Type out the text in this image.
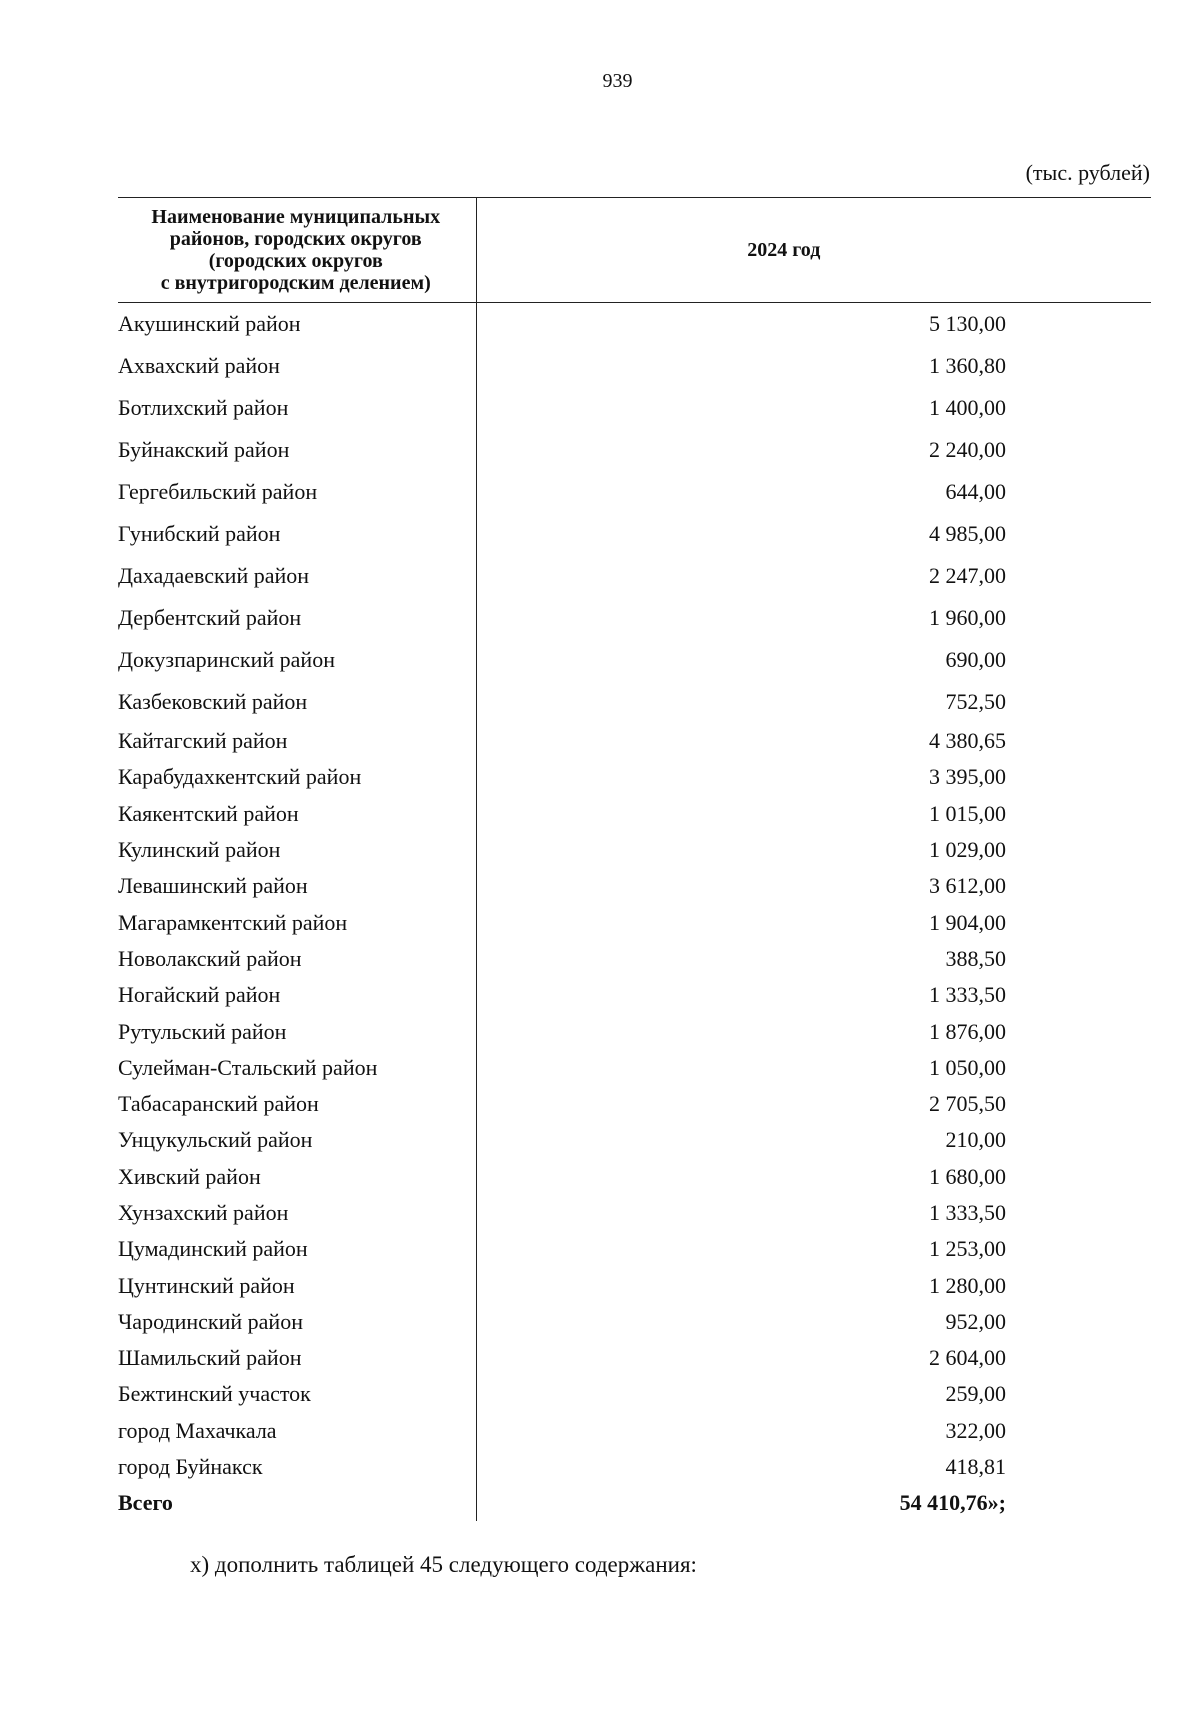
939
(тыс. рублей)
Наименование муниципальных
районов, городских округов
(городских округов
с внутригородским делением)	2024 год
Акушинский район	5 130,00
Ахвахский район	1 360,80
Ботлихский район	1 400,00
Буйнакский район	2 240,00
Гергебильский район	644,00
Гунибский район	4 985,00
Дахадаевский район	2 247,00
Дербентский район	1 960,00
Докузпаринский район	690,00
Казбековский район	752,50
Кайтагский район	4 380,65
Карабудахкентский район	3 395,00
Каякентский район	1 015,00
Кулинский район	1 029,00
Левашинский район	3 612,00
Магарамкентский район	1 904,00
Новолакский район	388,50
Ногайский район	1 333,50
Рутульский район	1 876,00
Сулейман-Стальский район	1 050,00
Табасаранский район	2 705,50
Унцукульский район	210,00
Хивский район	1 680,00
Хунзахский район	1 333,50
Цумадинский район	1 253,00
Цунтинский район	1 280,00
Чародинский район	952,00
Шамильский район	2 604,00
Бежтинский участок	259,00
город Махачкала	322,00
город Буйнакск	418,81
Всего	54 410,76»;
х) дополнить таблицей 45 следующего содержания:
